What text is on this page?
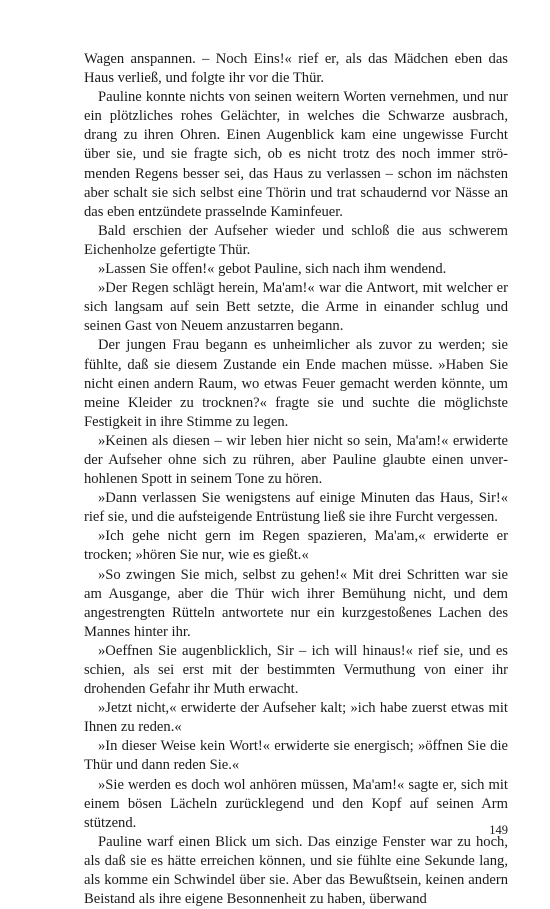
Wagen anspannen. – Noch Eins!« rief er, als das Mädchen eben das Haus verließ, und folgte ihr vor die Thür.

Pauline konnte nichts von seinen weitern Worten vernehmen, und nur ein plötzliches rohes Gelächter, in welches die Schwarze ausbrach, drang zu ihren Ohren. Einen Augenblick kam eine ungewisse Furcht über sie, und sie fragte sich, ob es nicht trotz des noch immer strömenden Regens besser sei, das Haus zu verlassen – schon im nächsten aber schalt sie sich selbst eine Thörin und trat schaudernd vor Nässe an das eben entzündete prasselnde Kaminfeuer.

Bald erschien der Aufseher wieder und schloß die aus schwerem Eichenholze gefertigte Thür.

»Lassen Sie offen!« gebot Pauline, sich nach ihm wendend.

»Der Regen schlägt herein, Ma'am!« war die Antwort, mit welcher er sich langsam auf sein Bett setzte, die Arme in einander schlug und seinen Gast von Neuem anzustarren begann.

Der jungen Frau begann es unheimlicher als zuvor zu werden; sie fühlte, daß sie diesem Zustande ein Ende machen müsse. »Haben Sie nicht einen andern Raum, wo etwas Feuer gemacht werden könnte, um meine Kleider zu trocknen?« fragte sie und suchte die möglichste Festigkeit in ihre Stimme zu legen.

»Keinen als diesen – wir leben hier nicht so sein, Ma'am!« erwiderte der Aufseher ohne sich zu rühren, aber Pauline glaubte einen unverhohlenen Spott in seinem Tone zu hören.

»Dann verlassen Sie wenigstens auf einige Minuten das Haus, Sir!« rief sie, und die aufsteigende Entrüstung ließ sie ihre Furcht vergessen.

»Ich gehe nicht gern im Regen spazieren, Ma'am,« erwiderte er trocken; »hören Sie nur, wie es gießt.«

»So zwingen Sie mich, selbst zu gehen!« Mit drei Schritten war sie am Ausgange, aber die Thür wich ihrer Bemühung nicht, und dem angestrengten Rütteln antwortete nur ein kurzgestoßenes Lachen des Mannes hinter ihr.

»Oeffnen Sie augenblicklich, Sir – ich will hinaus!« rief sie, und es schien, als sei erst mit der bestimmten Vermuthung von einer ihr drohenden Gefahr ihr Muth erwacht.

»Jetzt nicht,« erwiderte der Aufseher kalt; »ich habe zuerst etwas mit Ihnen zu reden.«

»In dieser Weise kein Wort!« erwiderte sie energisch; »öffnen Sie die Thür und dann reden Sie.«

»Sie werden es doch wol anhören müssen, Ma'am!« sagte er, sich mit einem bösen Lächeln zurücklegend und den Kopf auf seinen Arm stützend.

Pauline warf einen Blick um sich. Das einzige Fenster war zu hoch, als daß sie es hätte erreichen können, und sie fühlte eine Sekunde lang, als komme ein Schwindel über sie. Aber das Bewußtsein, keinen andern Beistand als ihre eigene Besonnenheit zu haben, überwand

149
